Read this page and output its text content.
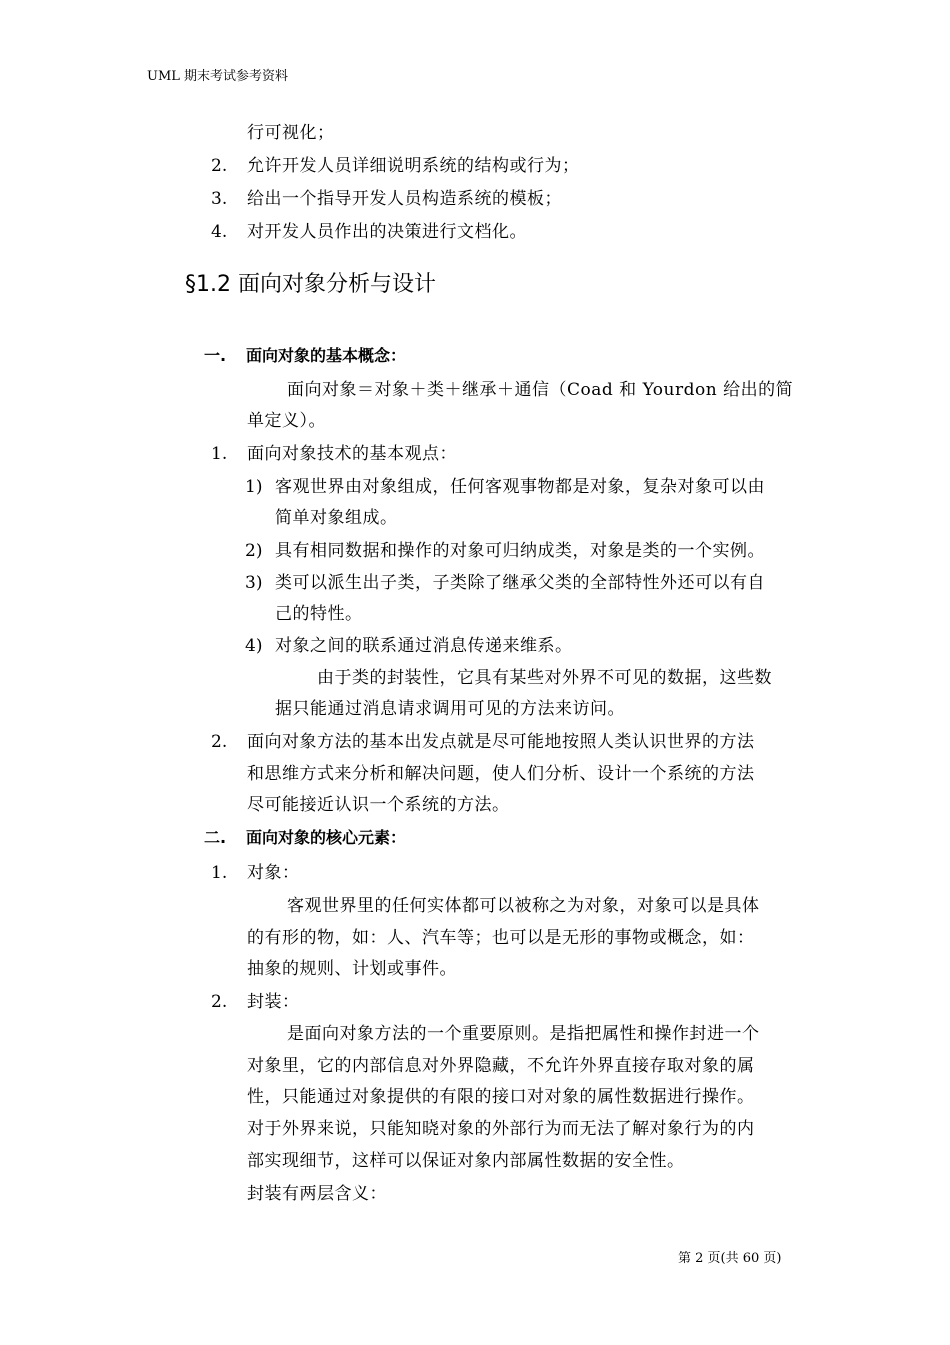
UML 期末考试参考资料
行可视化；
2. 允许开发人员详细说明系统的结构或行为；
3. 给出一个指导开发人员构造系统的模板；
4. 对开发人员作出的决策进行文档化。
§1.2 面向对象分析与设计
一. 面向对象的基本概念：
面向对象＝对象＋类＋继承＋通信（Coad 和 Yourdon 给出的简
单定义）。
1. 面向对象技术的基本观点：
1) 客观世界由对象组成，任何客观事物都是对象，复杂对象可以由
简单对象组成。
2) 具有相同数据和操作的对象可归纳成类，对象是类的一个实例。
3) 类可以派生出子类，子类除了继承父类的全部特性外还可以有自
己的特性。
4) 对象之间的联系通过消息传递来维系。
由于类的封装性，它具有某些对外界不可见的数据，这些数
据只能通过消息请求调用可见的方法来访问。
2. 面向对象方法的基本出发点就是尽可能地按照人类认识世界的方法
和思维方式来分析和解决问题，使人们分析、设计一个系统的方法
尽可能接近认识一个系统的方法。
二. 面向对象的核心元素：
1. 对象：
客观世界里的任何实体都可以被称之为对象，对象可以是具体
的有形的物，如：人、汽车等；也可以是无形的事物或概念，如：
抽象的规则、计划或事件。
2. 封装：
是面向对象方法的一个重要原则。是指把属性和操作封进一个
对象里，它的内部信息对外界隐藏，不允许外界直接存取对象的属
性，只能通过对象提供的有限的接口对对象的属性数据进行操作。
对于外界来说，只能知晓对象的外部行为而无法了解对象行为的内
部实现细节，这样可以保证对象内部属性数据的安全性。
封装有两层含义：
第 2 页(共 60 页)
